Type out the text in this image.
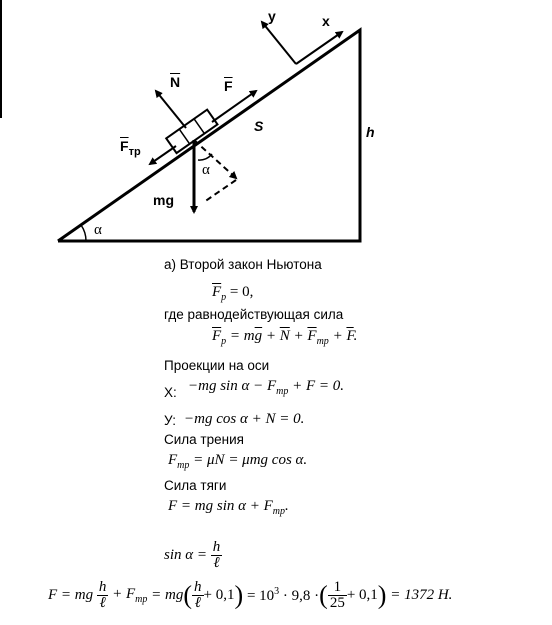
y	x
$\overline{N}$	$\overline{F}$
S	h
$\overline{F}_{тр}$
mg
α
α
а) Второй закон Ньютона
$\overline{F}_p = 0$,
где равнодействующая сила
$\overline{F}_p = m\overline{g} + \overline{N} + \overline{F}_{тр} + \overline{F}$.
Проекции на оси
Х: −mg $\sin \alpha - F_{тр} + F = 0$.
У: −mg cos α + N = 0.
Сила трения
$F_{тр} = \mu N = \mu mg$ cos α.
Сила тяги
F = mg $\sin \alpha + F_{тр}$.
$\sin \alpha = \frac{h}{\text{ℓ}}$
F = mg $\frac{h}{\text{ℓ}} + F_{тр} = mg( \frac{h}{\text{ℓ}} + 0,1) = 10^3 \cdot 9,8$ ·( $\frac{1}{25} + 0,1) = 1372$ Н.
